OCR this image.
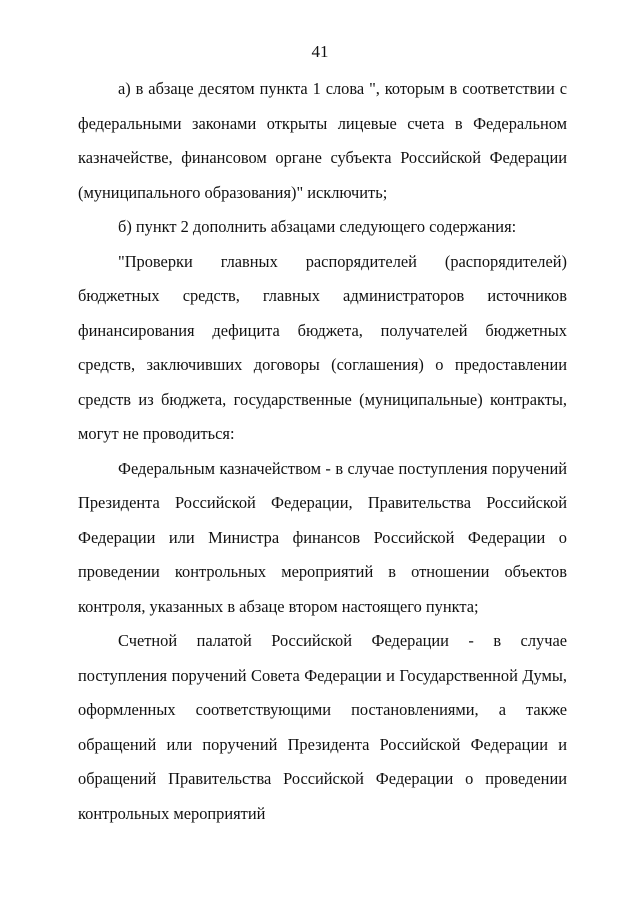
41

а) в абзаце десятом пункта 1 слова ", которым в соответствии с федеральными законами открыты лицевые счета в Федеральном казначействе, финансовом органе субъекта Российской Федерации (муниципального образования)" исключить;

б) пункт 2 дополнить абзацами следующего содержания:

"Проверки главных распорядителей (распорядителей) бюджетных средств, главных администраторов источников финансирования дефицита бюджета, получателей бюджетных средств, заключивших договоры (соглашения) о предоставлении средств из бюджета, государственные (муниципальные) контракты, могут не проводиться:

Федеральным казначейством - в случае поступления поручений Президента Российской Федерации, Правительства Российской Федерации или Министра финансов Российской Федерации о проведении контрольных мероприятий в отношении объектов контроля, указанных в абзаце втором настоящего пункта;

Счетной палатой Российской Федерации - в случае поступления поручений Совета Федерации и Государственной Думы, оформленных соответствующими постановлениями, а также обращений или поручений Президента Российской Федерации и обращений Правительства Российской Федерации о проведении контрольных мероприятий
